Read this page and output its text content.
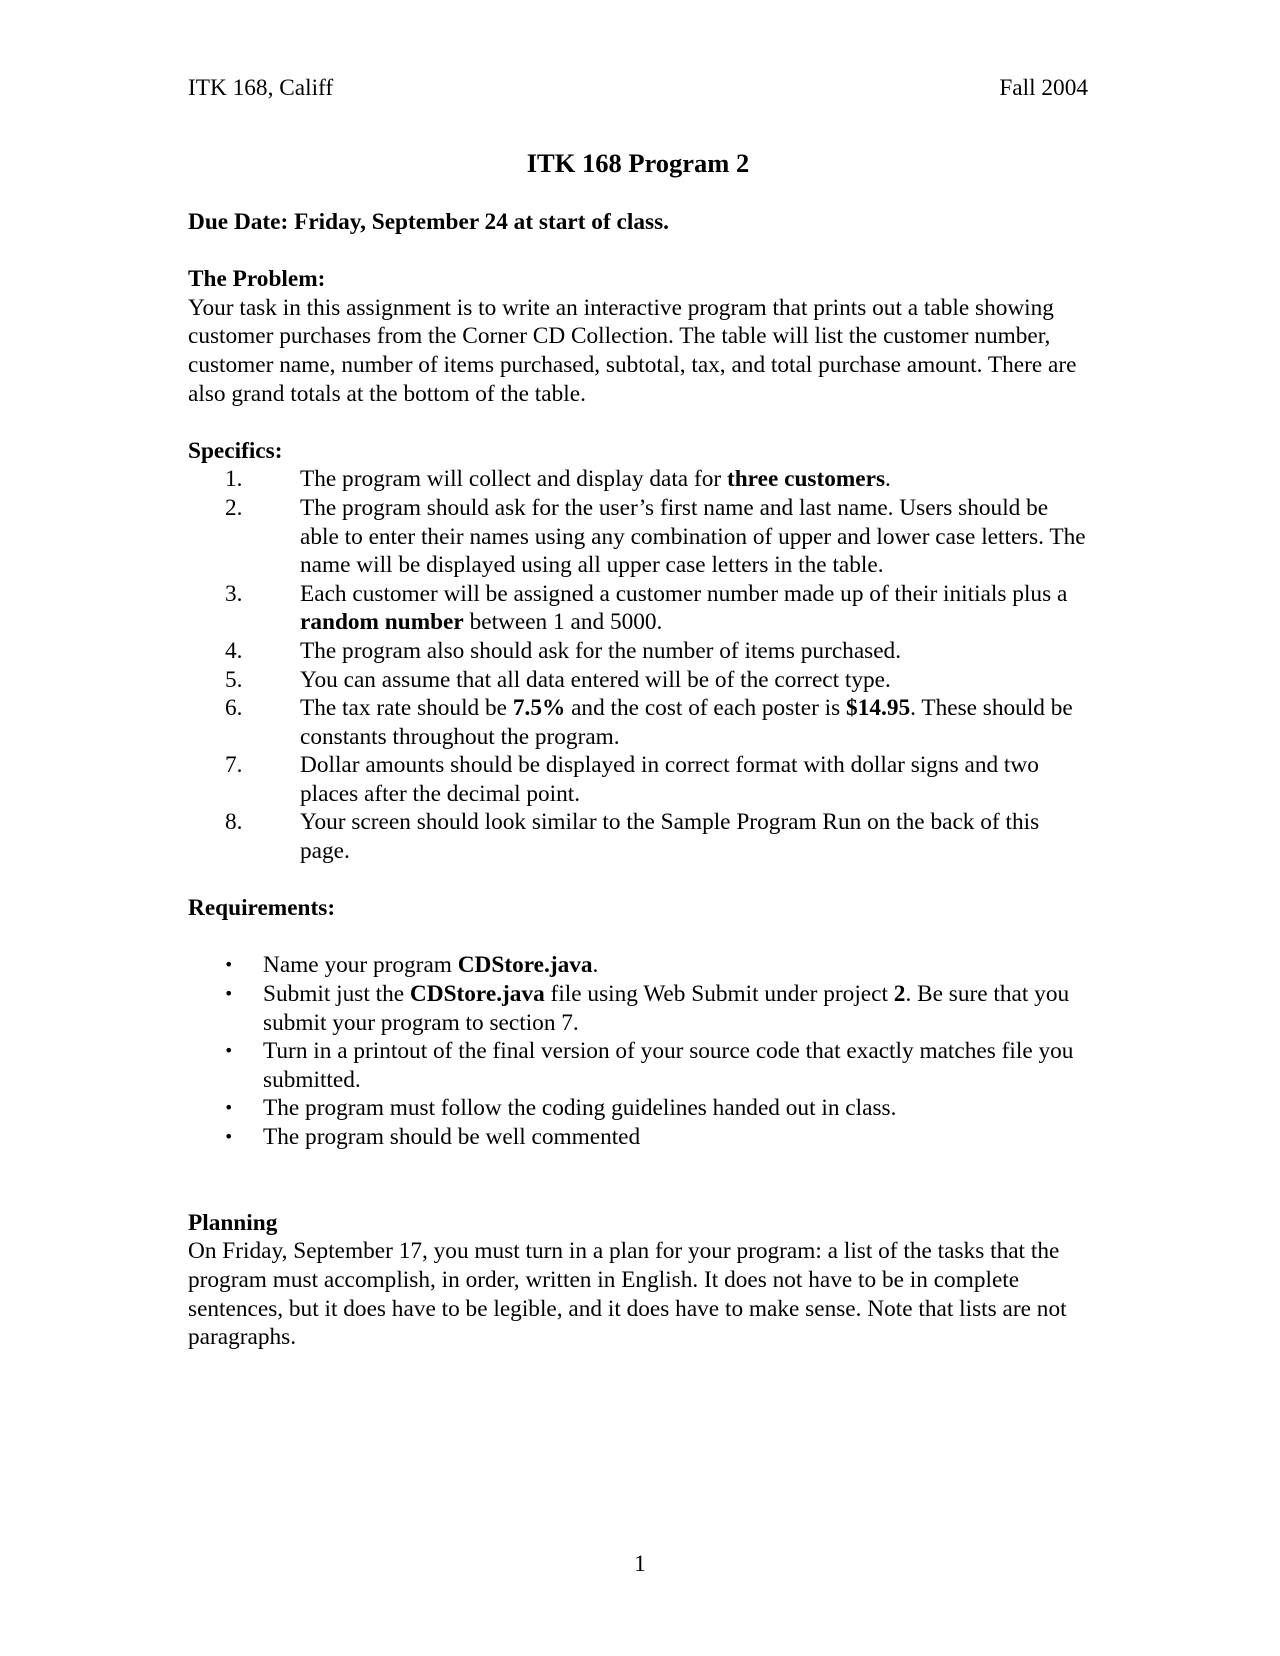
ITK 168, Califf	Fall 2004
ITK 168 Program 2
Due Date: Friday, September 24 at start of class.
The Problem:

Your task in this assignment is to write an interactive program that prints out a table showing customer purchases from the Corner CD Collection. The table will list the customer number, customer name, number of items purchased, subtotal, tax, and total purchase amount. There are also grand totals at the bottom of the table.

Specifics:
1.	The program will collect and display data for three customers.
2.	The program should ask for the user’s first name and last name. Users should be able to enter their names using any combination of upper and lower case letters. The name will be displayed using all upper case letters in the table.
3.	Each customer will be assigned a customer number made up of their initials plus a random number between 1 and 5000.
4.	The program also should ask for the number of items purchased.
5.	You can assume that all data entered will be of the correct type.
6.	The tax rate should be 7.5% and the cost of each poster is $14.95. These should be constants throughout the program.
7.	Dollar amounts should be displayed in correct format with dollar signs and two places after the decimal point.
8.	Your screen should look similar to the Sample Program Run on the back of this page.
Requirements:
•	Name your program CDStore.java.
•	Submit just the CDStore.java file using Web Submit under project 2. Be sure that you submit your program to section 7.
•	Turn in a printout of the final version of your source code that exactly matches file you submitted.
•	The program must follow the coding guidelines handed out in class.
•	The program should be well commented
Planning

On Friday, September 17, you must turn in a plan for your program: a list of the tasks that the program must accomplish, in order, written in English. It does not have to be in complete sentences, but it does have to be legible, and it does have to make sense. Note that lists are not paragraphs.

1
